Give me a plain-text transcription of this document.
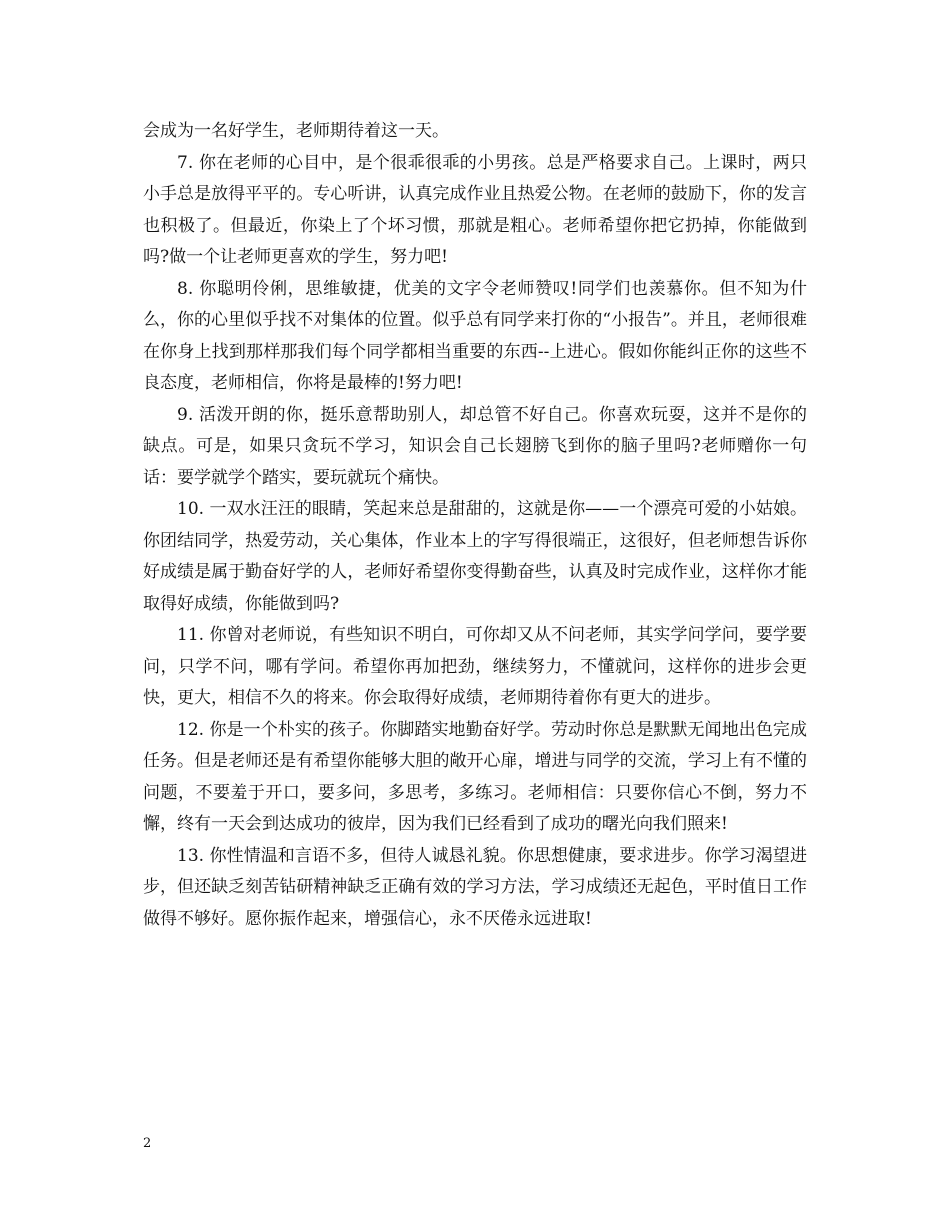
会成为一名好学生，老师期待着这一天。

7. 你在老师的心目中，是个很乖很乖的小男孩。总是严格要求自己。上课时，两只小手总是放得平平的。专心听讲，认真完成作业且热爱公物。在老师的鼓励下，你的发言也积极了。但最近，你染上了个坏习惯，那就是粗心。老师希望你把它扔掉，你能做到吗?做一个让老师更喜欢的学生，努力吧!

8. 你聪明伶俐，思维敏捷，优美的文字令老师赞叹!同学们也羡慕你。但不知为什么，你的心里似乎找不对集体的位置。似乎总有同学来打你的“小报告”。并且，老师很难在你身上找到那样那我们每个同学都相当重要的东西--上进心。假如你能纠正你的这些不良态度，老师相信，你将是最棒的!努力吧!

9. 活泼开朗的你，挺乐意帮助别人，却总管不好自己。你喜欢玩耍，这并不是你的缺点。可是，如果只贪玩不学习，知识会自己长翅膀飞到你的脑子里吗?老师赠你一句话：要学就学个踏实，要玩就玩个痛快。

10. 一双水汪汪的眼睛，笑起来总是甜甜的，这就是你——一个漂亮可爱的小姑娘。你团结同学，热爱劳动，关心集体，作业本上的字写得很端正，这很好，但老师想告诉你好成绩是属于勤奋好学的人，老师好希望你变得勤奋些，认真及时完成作业，这样你才能取得好成绩，你能做到吗?

11. 你曾对老师说，有些知识不明白，可你却又从不问老师，其实学问学问，要学要问，只学不问，哪有学问。希望你再加把劲，继续努力，不懂就问，这样你的进步会更快，更大，相信不久的将来。你会取得好成绩，老师期待着你有更大的进步。

12. 你是一个朴实的孩子。你脚踏实地勤奋好学。劳动时你总是默默无闻地出色完成任务。但是老师还是有希望你能够大胆的敞开心扉，增进与同学的交流，学习上有不懂的问题，不要羞于开口，要多问，多思考，多练习。老师相信：只要你信心不倒，努力不懈，终有一天会到达成功的彼岸，因为我们已经看到了成功的曙光向我们照来!

13. 你性情温和言语不多，但待人诚恳礼貌。你思想健康，要求进步。你学习渴望进步，但还缺乏刻苦钻研精神缺乏正确有效的学习方法，学习成绩还无起色，平时值日工作做得不够好。愿你振作起来，增强信心，永不厌倦永远进取!

2
